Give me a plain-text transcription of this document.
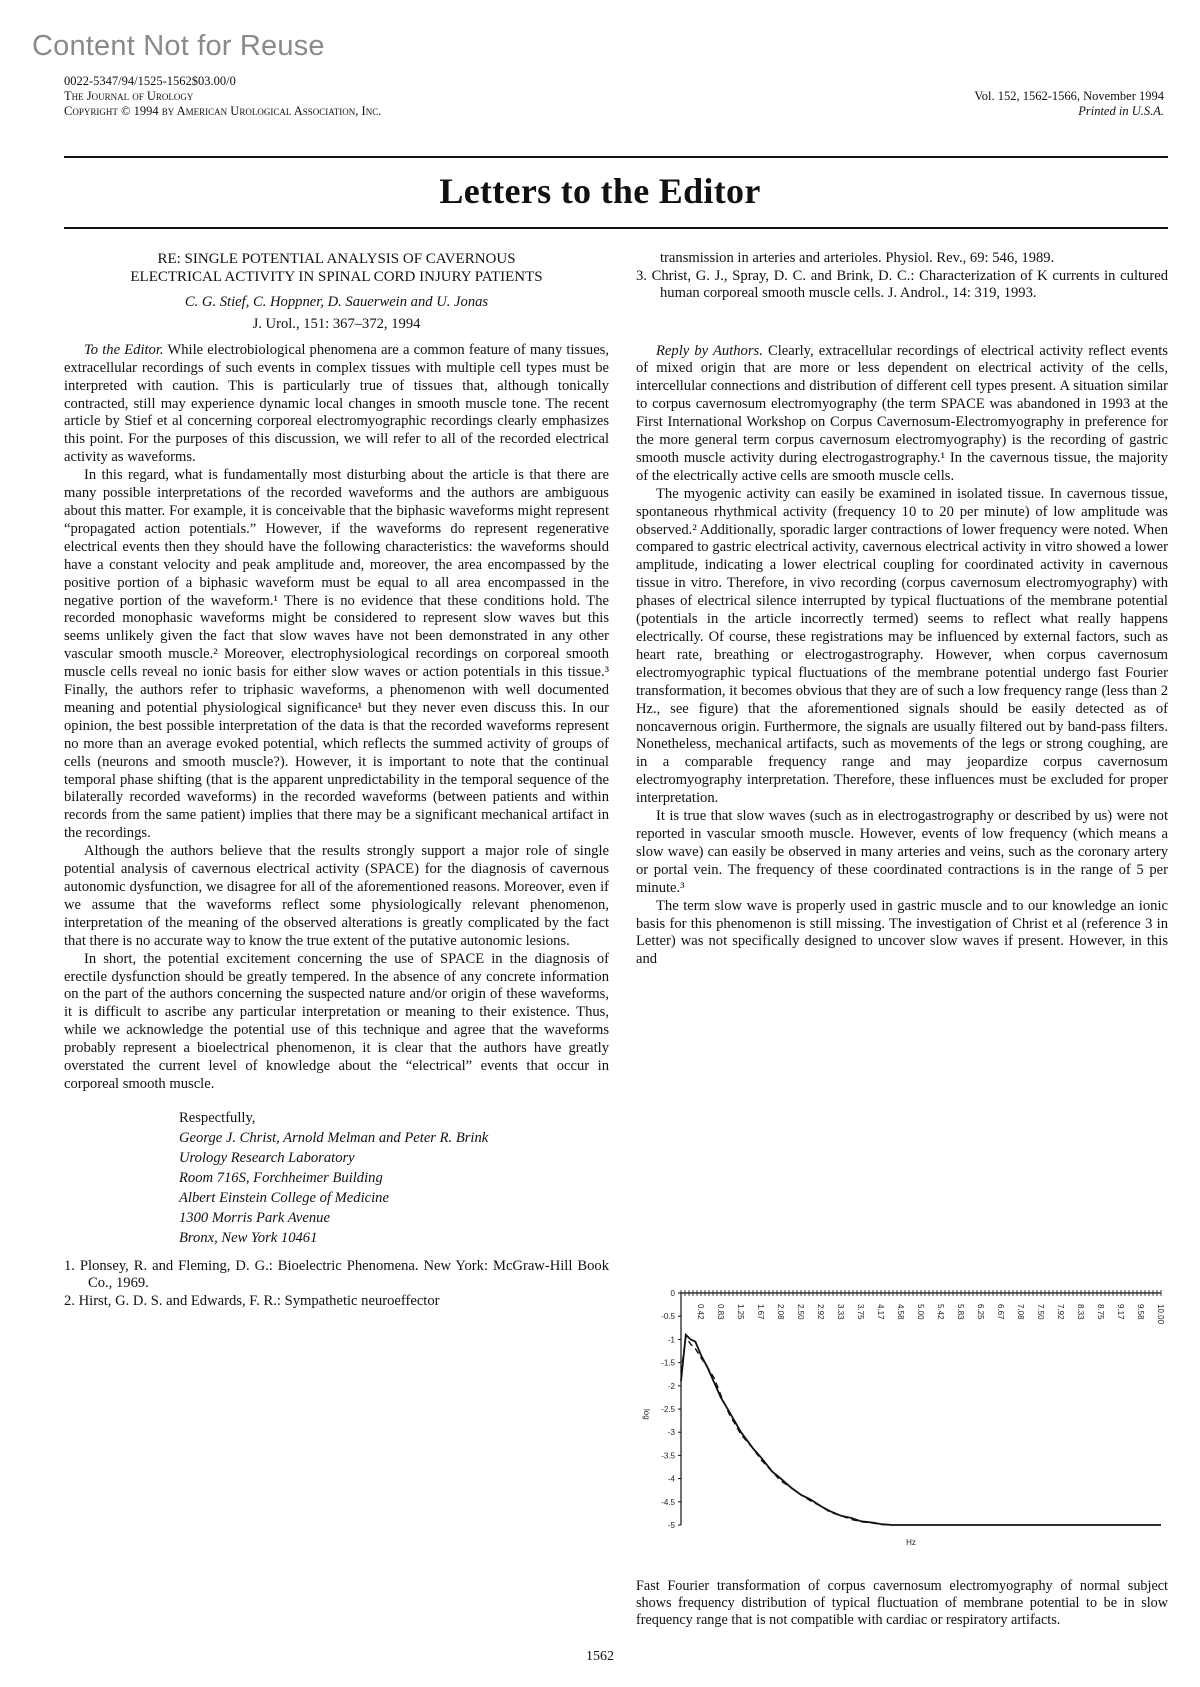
Content Not for Reuse
0022-5347/94/1525-1562$03.00/0
The Journal of Urology
Copyright © 1994 by American Urological Association, Inc.
Vol. 152, 1562-1566, November 1994
Printed in U.S.A.
Letters to the Editor
RE: SINGLE POTENTIAL ANALYSIS OF CAVERNOUS
ELECTRICAL ACTIVITY IN SPINAL CORD INJURY PATIENTS
C. G. Stief, C. Hoppner, D. Sauerwein and U. Jonas
J. Urol., 151: 367–372, 1994

To the Editor. While electrobiological phenomena are a common feature of many tissues, extracellular recordings of such events in complex tissues with multiple cell types must be interpreted with caution. This is particularly true of tissues that, although tonically contracted, still may experience dynamic local changes in smooth muscle tone. The recent article by Stief et al concerning corporeal electromyographic recordings clearly emphasizes this point. For the purposes of this discussion, we will refer to all of the recorded electrical activity as waveforms.

In this regard, what is fundamentally most disturbing about the article is that there are many possible interpretations of the recorded waveforms and the authors are ambiguous about this matter. For example, it is conceivable that the biphasic waveforms might represent “propagated action potentials.” However, if the waveforms do represent regenerative electrical events then they should have the following characteristics: the waveforms should have a constant velocity and peak amplitude and, moreover, the area encompassed by the positive portion of a biphasic waveform must be equal to all area encompassed in the negative portion of the waveform.¹ There is no evidence that these conditions hold. The recorded monophasic waveforms might be considered to represent slow waves but this seems unlikely given the fact that slow waves have not been demonstrated in any other vascular smooth muscle.² Moreover, electrophysiological recordings on corporeal smooth muscle cells reveal no ionic basis for either slow waves or action potentials in this tissue.³ Finally, the authors refer to triphasic waveforms, a phenomenon with well documented meaning and potential physiological significance¹ but they never even discuss this. In our opinion, the best possible interpretation of the data is that the recorded waveforms represent no more than an average evoked potential, which reflects the summed activity of groups of cells (neurons and smooth muscle?). However, it is important to note that the continual temporal phase shifting (that is the apparent unpredictability in the temporal sequence of the bilaterally recorded waveforms) in the recorded waveforms (between patients and within records from the same patient) implies that there may be a significant mechanical artifact in the recordings.

Although the authors believe that the results strongly support a major role of single potential analysis of cavernous electrical activity (SPACE) for the diagnosis of cavernous autonomic dysfunction, we disagree for all of the aforementioned reasons. Moreover, even if we assume that the waveforms reflect some physiologically relevant phenomenon, interpretation of the meaning of the observed alterations is greatly complicated by the fact that there is no accurate way to know the true extent of the putative autonomic lesions.

In short, the potential excitement concerning the use of SPACE in the diagnosis of erectile dysfunction should be greatly tempered. In the absence of any concrete information on the part of the authors concerning the suspected nature and/or origin of these waveforms, it is difficult to ascribe any particular interpretation or meaning to their existence. Thus, while we acknowledge the potential use of this technique and agree that the waveforms probably represent a bioelectrical phenomenon, it is clear that the authors have greatly overstated the current level of knowledge about the “electrical” events that occur in corporeal smooth muscle.

Respectfully,
George J. Christ, Arnold Melman and Peter R. Brink
Urology Research Laboratory
Room 716S, Forchheimer Building
Albert Einstein College of Medicine
1300 Morris Park Avenue
Bronx, New York 10461
1. Plonsey, R. and Fleming, D. G.: Bioelectric Phenomena. New York: McGraw-Hill Book Co., 1969.
2. Hirst, G. D. S. and Edwards, F. R.: Sympathetic neuroeffector
transmission in arteries and arterioles. Physiol. Rev., 69: 546, 1989.
3. Christ, G. J., Spray, D. C. and Brink, D. C.: Characterization of K currents in cultured human corporeal smooth muscle cells. J. Androl., 14: 319, 1993.

Reply by Authors. Clearly, extracellular recordings of electrical activity reflect events of mixed origin that are more or less dependent on electrical activity of the cells, intercellular connections and distribution of different cell types present. A situation similar to corpus cavernosum electromyography (the term SPACE was abandoned in 1993 at the First International Workshop on Corpus Cavernosum-Electromyography in preference for the more general term corpus cavernosum electromyography) is the recording of gastric smooth muscle activity during electrogastrography.¹ In the cavernous tissue, the majority of the electrically active cells are smooth muscle cells.

The myogenic activity can easily be examined in isolated tissue. In cavernous tissue, spontaneous rhythmical activity (frequency 10 to 20 per minute) of low amplitude was observed.² Additionally, sporadic larger contractions of lower frequency were noted. When compared to gastric electrical activity, cavernous electrical activity in vitro showed a lower amplitude, indicating a lower electrical coupling for coordinated activity in cavernous tissue in vitro. Therefore, in vivo recording (corpus cavernosum electromyography) with phases of electrical silence interrupted by typical fluctuations of the membrane potential (potentials in the article incorrectly termed) seems to reflect what really happens electrically. Of course, these registrations may be influenced by external factors, such as heart rate, breathing or electrogastrography. However, when corpus cavernosum electromyographic typical fluctuations of the membrane potential undergo fast Fourier transformation, it becomes obvious that they are of such a low frequency range (less than 2 Hz., see figure) that the aforementioned signals should be easily detected as of noncavernous origin. Furthermore, the signals are usually filtered out by band-pass filters. Nonetheless, mechanical artifacts, such as movements of the legs or strong coughing, are in a comparable frequency range and may jeopardize corpus cavernosum electromyography interpretation. Therefore, these influences must be excluded for proper interpretation.

It is true that slow waves (such as in electrogastrography or described by us) were not reported in vascular smooth muscle. However, events of low frequency (which means a slow wave) can easily be observed in many arteries and veins, such as the coronary artery or portal vein. The frequency of these coordinated contractions is in the range of 5 per minute.³

The term slow wave is properly used in gastric muscle and to our knowledge an ionic basis for this phenomenon is still missing. The investigation of Christ et al (reference 3 in Letter) was not specifically designed to uncover slow waves if present. However, in this and

0
-0.5
-1
-1.5
-2
-2.5
-3
-3.5
-4
-4.5
-5
0.42 0.83 1.25 1.67 2.08 2.50 2.92 3.33 3.75 4.17 4.58 5.00 5.42 5.83 6.25 6.67 7.08 7.50 7.92 8.33 8.75 9.17 9.58 10.00
log
Hz
Fast Fourier transformation of corpus cavernosum electromyography of normal subject shows frequency distribution of typical fluctuation of membrane potential to be in slow frequency range that is not compatible with cardiac or respiratory artifacts.
1562
